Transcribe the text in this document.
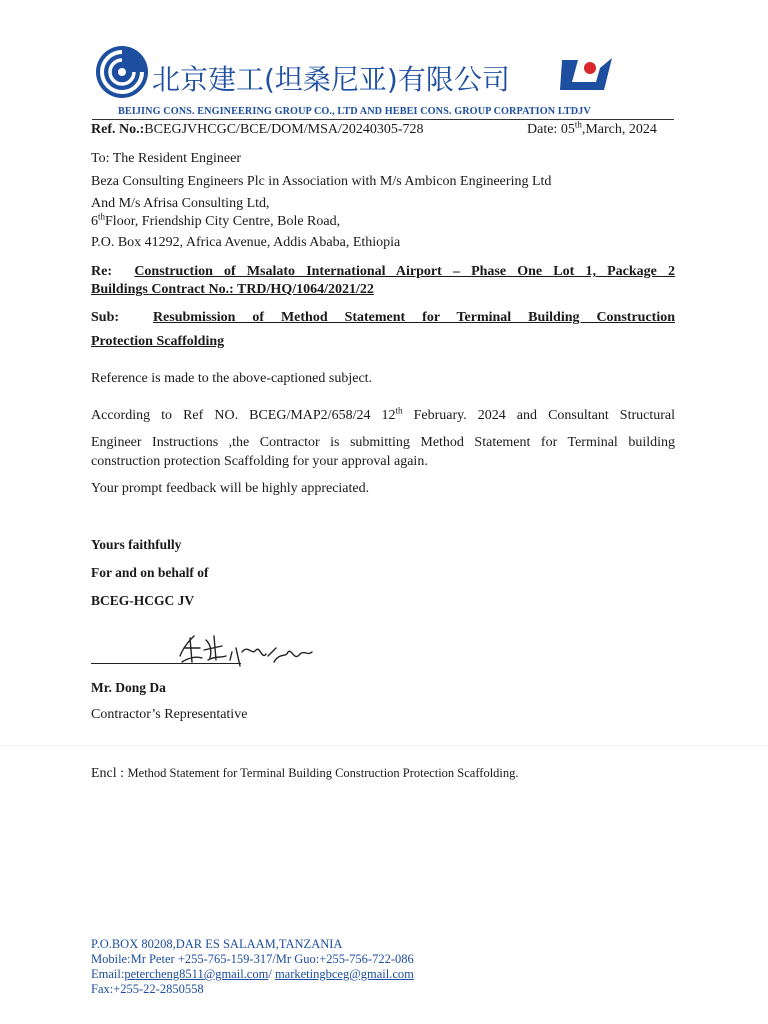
北京建工(坦桑尼亚)有限公司
BEIJING CONS. ENGINEERING GROUP CO., LTD AND HEBEI CONS. GROUP CORPATION LTDJV
Ref. No.:BCEGJVHCGC/BCE/DOM/MSA/20240305-728	Date: 05th,March, 2024
To: The Resident Engineer
Beza Consulting Engineers Plc in Association with M/s Ambicon Engineering Ltd
And M/s Afrisa Consulting Ltd,
6thFloor, Friendship City Centre, Bole Road,
P.O. Box 41292, Africa Avenue, Addis Ababa, Ethiopia
Re: Construction of Msalato International Airport – Phase One Lot 1, Package 2
Buildings Contract No.: TRD/HQ/1064/2021/22
Sub: Resubmission of Method Statement for Terminal Building Construction
Protection Scaffolding
Reference is made to the above-captioned subject.
According to Ref NO. BCEG/MAP2/658/24 12th February. 2024 and Consultant Structural
Engineer Instructions ,the Contractor is submitting Method Statement for Terminal building
construction protection Scaffolding for your approval again.
Your prompt feedback will be highly appreciated.
Yours faithfully
For and on behalf of
BCEG-HCGC JV
Mr. Dong Da
Contractor’s Representative
Encl : Method Statement for Terminal Building Construction Protection Scaffolding.
P.O.BOX 80208,DAR ES SALAAM,TANZANIA
Mobile:Mr Peter +255-765-159-317/Mr Guo:+255-756-722-086
Email:petercheng8511@gmail.com/ marketingbceg@gmail.com
Fax:+255-22-2850558
